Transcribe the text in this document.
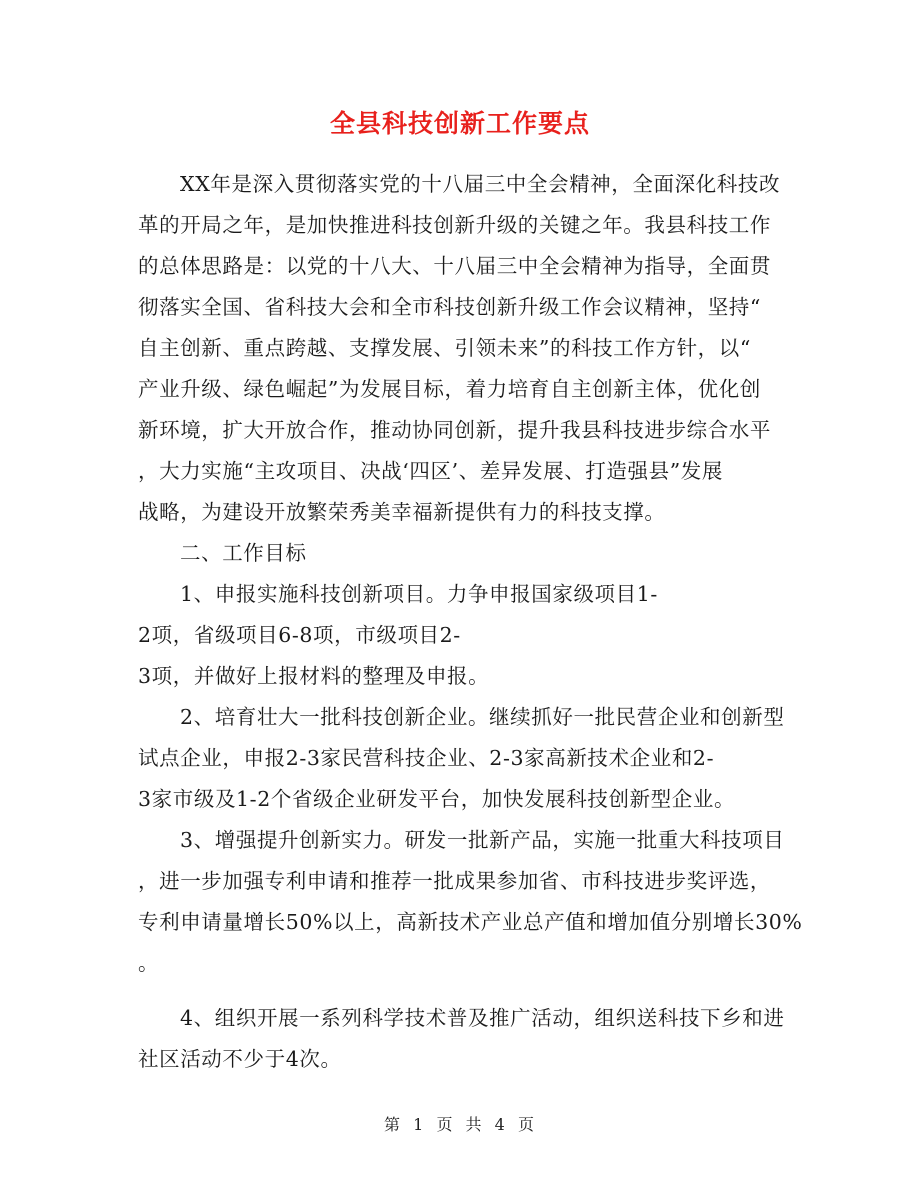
全县科技创新工作要点
XX年是深入贯彻落实党的十八届三中全会精神，全面深化科技改
革的开局之年，是加快推进科技创新升级的关键之年。我县科技工作
的总体思路是：以党的十八大、十八届三中全会精神为指导，全面贯
彻落实全国、省科技大会和全市科技创新升级工作会议精神，坚持“
自主创新、重点跨越、支撑发展、引领未来”的科技工作方针，以“
产业升级、绿色崛起”为发展目标，着力培育自主创新主体，优化创
新环境，扩大开放合作，推动协同创新，提升我县科技进步综合水平
，大力实施“主攻项目、决战‘四区’、差异发展、打造强县”发展
战略，为建设开放繁荣秀美幸福新提供有力的科技支撑。
二、工作目标
1、申报实施科技创新项目。力争申报国家级项目1-
2项，省级项目6-8项，市级项目2-
3项，并做好上报材料的整理及申报。
2、培育壮大一批科技创新企业。继续抓好一批民营企业和创新型
试点企业，申报2-3家民营科技企业、2-3家高新技术企业和2-
3家市级及1-2个省级企业研发平台，加快发展科技创新型企业。
3、增强提升创新实力。研发一批新产品，实施一批重大科技项目
，进一步加强专利申请和推荐一批成果参加省、市科技进步奖评选，
专利申请量增长50%以上，高新技术产业总产值和增加值分别增长30%
。
4、组织开展一系列科学技术普及推广活动，组织送科技下乡和进
社区活动不少于4次。
第 1 页 共 4 页
